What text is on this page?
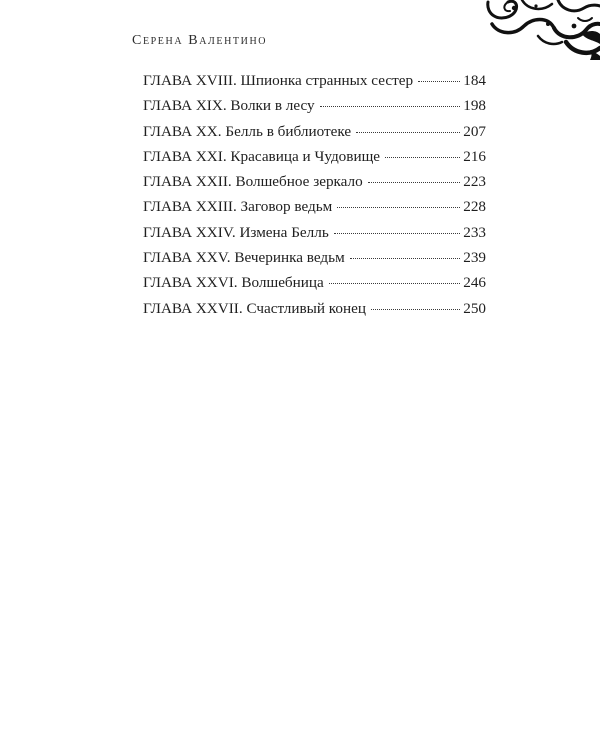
Серена Валентино
ГЛАВА XVIII. Шпионка странных сестер	184
ГЛАВА XIX. Волки в лесу	198
ГЛАВА XX. Белль в библиотеке	207
ГЛАВА XXI. Красавица и Чудовище	216
ГЛАВА XXII. Волшебное зеркало	223
ГЛАВА XXIII. Заговор ведьм	228
ГЛАВА XXIV. Измена Белль	233
ГЛАВА XXV. Вечеринка ведьм	239
ГЛАВА XXVI. Волшебница	246
ГЛАВА XXVII. Счастливый конец	250
